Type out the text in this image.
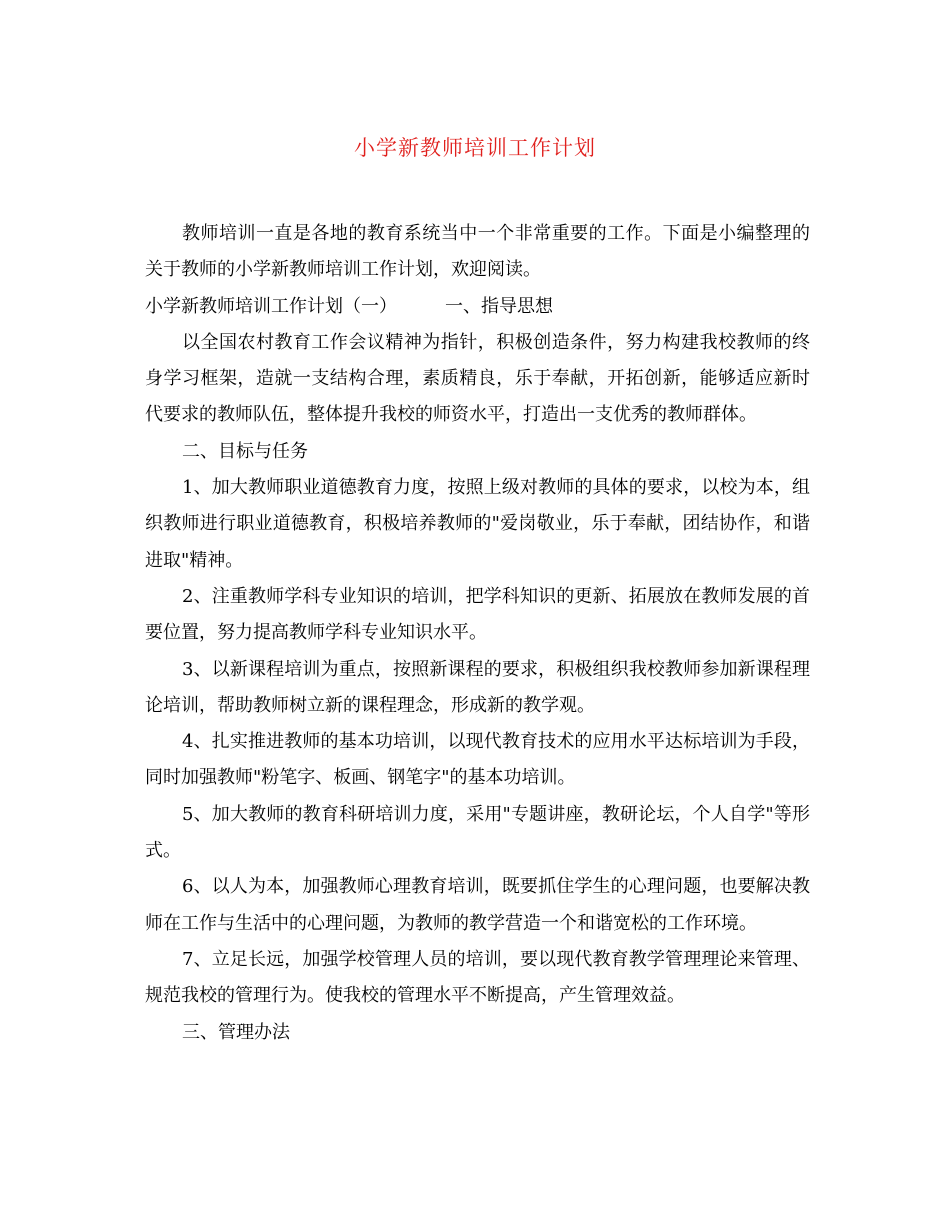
小学新教师培训工作计划

教师培训一直是各地的教育系统当中一个非常重要的工作。下面是小编整理的关于教师的小学新教师培训工作计划，欢迎阅读。

小学新教师培训工作计划（一）	一、指导思想

以全国农村教育工作会议精神为指针，积极创造条件，努力构建我校教师的终身学习框架，造就一支结构合理，素质精良，乐于奉献，开拓创新，能够适应新时代要求的教师队伍，整体提升我校的师资水平，打造出一支优秀的教师群体。

二、目标与任务

1、加大教师职业道德教育力度，按照上级对教师的具体的要求，以校为本，组织教师进行职业道德教育，积极培养教师的"爱岗敬业，乐于奉献，团结协作，和谐进取"精神。

2、注重教师学科专业知识的培训，把学科知识的更新、拓展放在教师发展的首要位置，努力提高教师学科专业知识水平。

3、以新课程培训为重点，按照新课程的要求，积极组织我校教师参加新课程理论培训，帮助教师树立新的课程理念，形成新的教学观。

4、扎实推进教师的基本功培训，以现代教育技术的应用水平达标培训为手段，同时加强教师"粉笔字、板画、钢笔字"的基本功培训。

5、加大教师的教育科研培训力度，采用"专题讲座，教研论坛，个人自学"等形式。

6、以人为本，加强教师心理教育培训，既要抓住学生的心理问题，也要解决教师在工作与生活中的心理问题，为教师的教学营造一个和谐宽松的工作环境。

7、立足长远，加强学校管理人员的培训，要以现代教育教学管理理论来管理、规范我校的管理行为。使我校的管理水平不断提高，产生管理效益。

三、管理办法
